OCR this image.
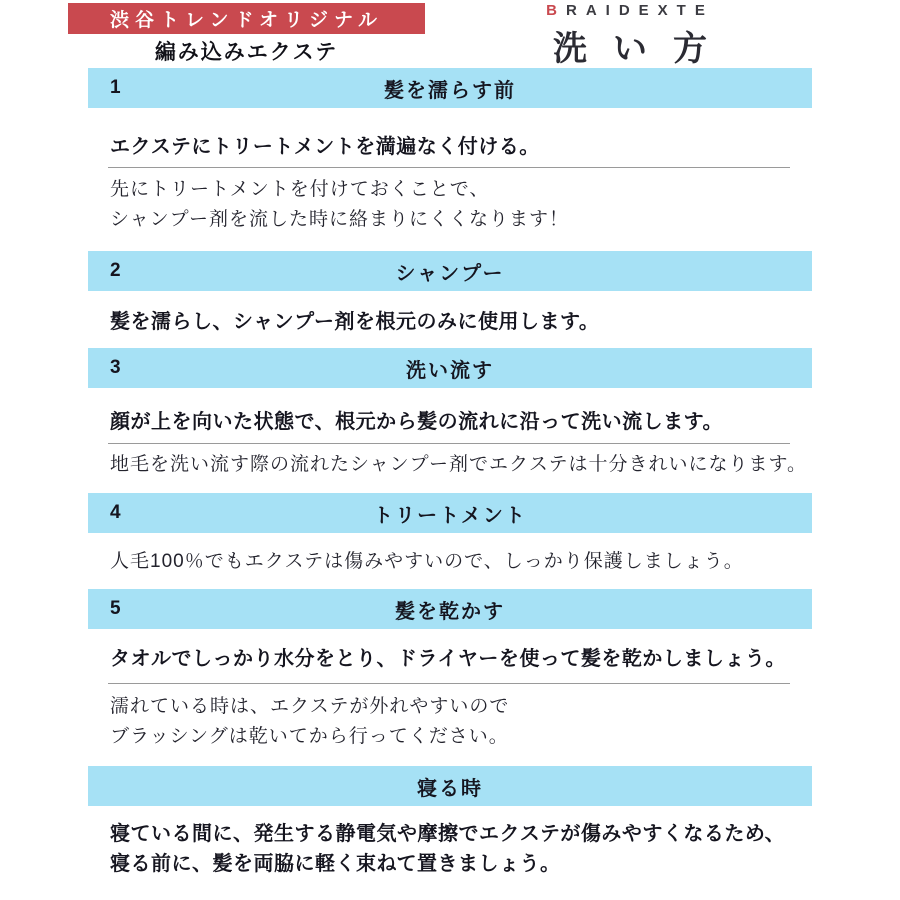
渋谷トレンドオリジナル
編み込みエクステ
BRAIDEXTE
洗い方
1	髪を濡らす前
エクステにトリートメントを満遍なく付ける。
先にトリートメントを付けておくことで、
シャンプー剤を流した時に絡まりにくくなります！
2	シャンプー
髪を濡らし、シャンプー剤を根元のみに使用します。
3	洗い流す
顔が上を向いた状態で、根元から髪の流れに沿って洗い流します。
地毛を洗い流す際の流れたシャンプー剤でエクステは十分きれいになります。
4	トリートメント
人毛100％でもエクステは傷みやすいので、しっかり保護しましょう。
5	髪を乾かす
タオルでしっかり水分をとり、ドライヤーを使って髪を乾かしましょう。
濡れている時は、エクステが外れやすいので
ブラッシングは乾いてから行ってください。
寝る時
寝ている間に、発生する静電気や摩擦でエクステが傷みやすくなるため、
寝る前に、髪を両脇に軽く束ねて置きましょう。
